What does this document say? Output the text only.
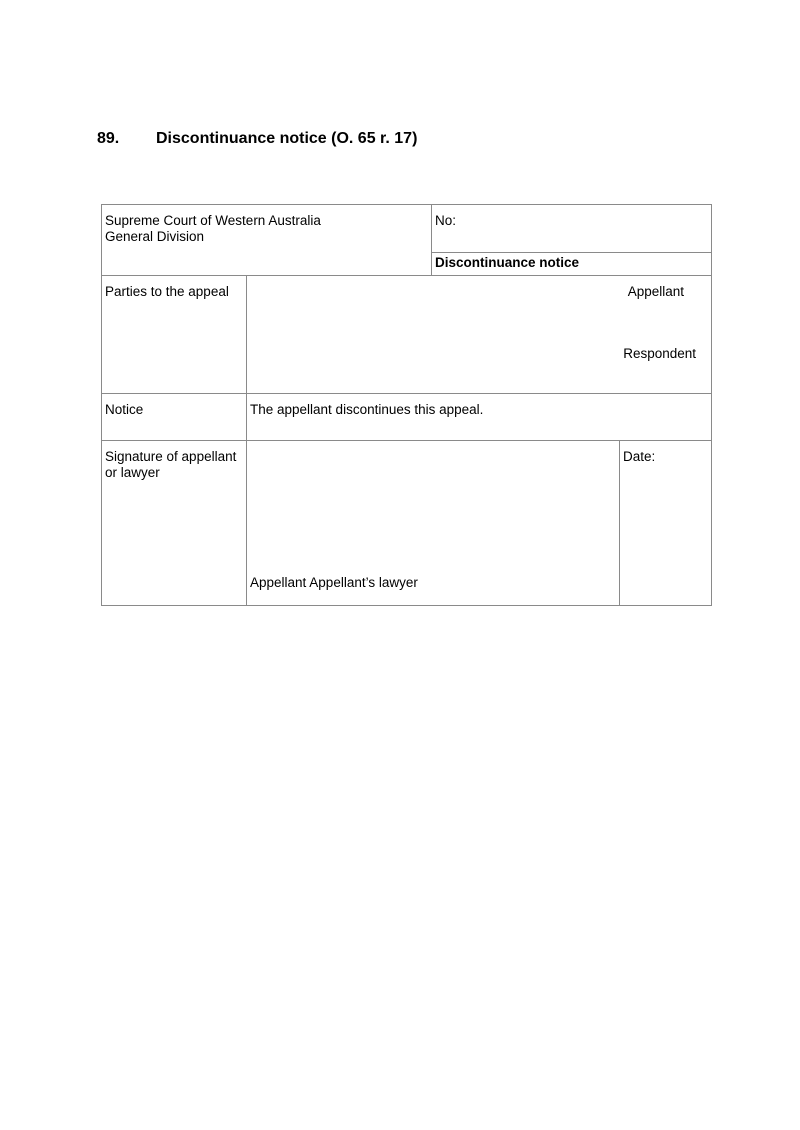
89. Discontinuance notice (O. 65 r. 17)
Supreme Court of Western Australia
General Division		No:	

		Discontinuance notice	

Parties to the appeal	Appellant
Respondent		

Notice	The appellant discontinues this appeal.		

Signature of appellant
or lawyer	Appellant Appellant’s lawyer		Date:
